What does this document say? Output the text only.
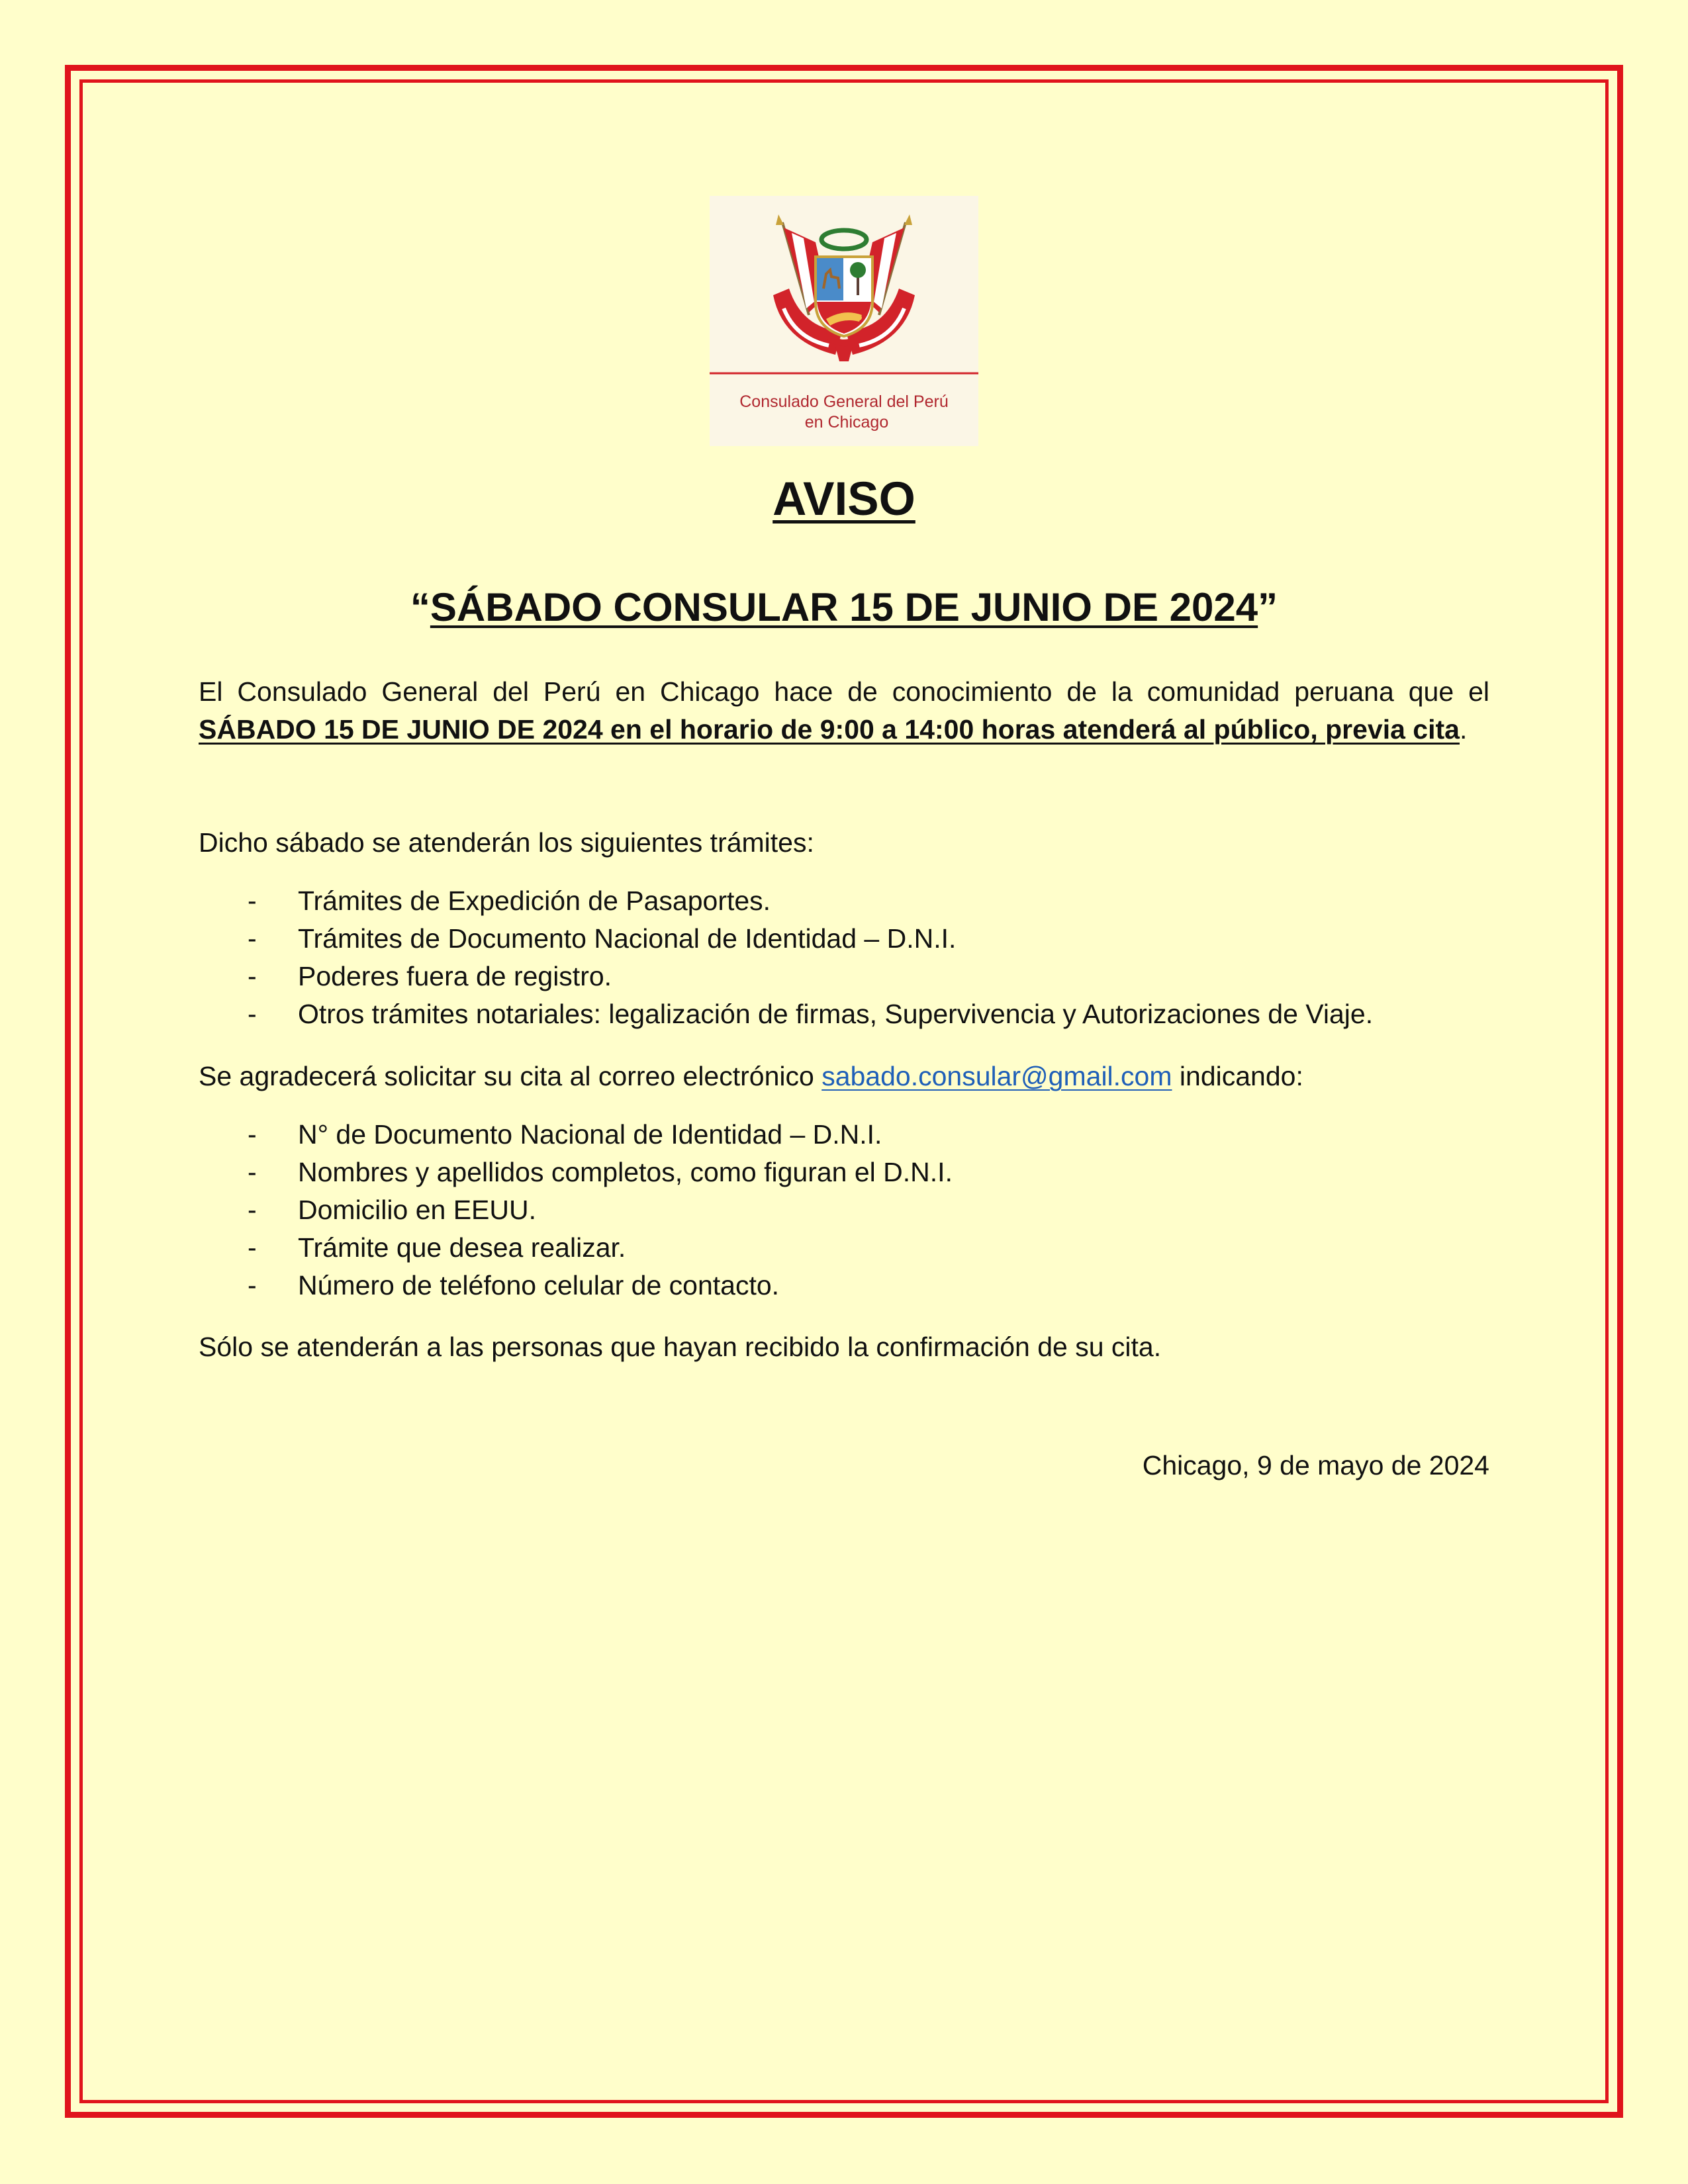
Consulado General del Perú
en Chicago
AVISO
“SÁBADO CONSULAR 15 DE JUNIO DE 2024”
El Consulado General del Perú en Chicago hace de conocimiento de la comunidad peruana que el SÁBADO 15 DE JUNIO DE 2024 en el horario de 9:00 a 14:00 horas atenderá al público, previa cita.
Dicho sábado se atenderán los siguientes trámites:
- Trámites de Expedición de Pasaportes.
- Trámites de Documento Nacional de Identidad – D.N.I.
- Poderes fuera de registro.
- Otros trámites notariales: legalización de firmas, Supervivencia y Autorizaciones de Viaje.
Se agradecerá solicitar su cita al correo electrónico sabado.consular@gmail.com indicando:
- N° de Documento Nacional de Identidad – D.N.I.
- Nombres y apellidos completos, como figuran el D.N.I.
- Domicilio en EEUU.
- Trámite que desea realizar.
- Número de teléfono celular de contacto.
Sólo se atenderán a las personas que hayan recibido la confirmación de su cita.
Chicago, 9 de mayo de 2024
